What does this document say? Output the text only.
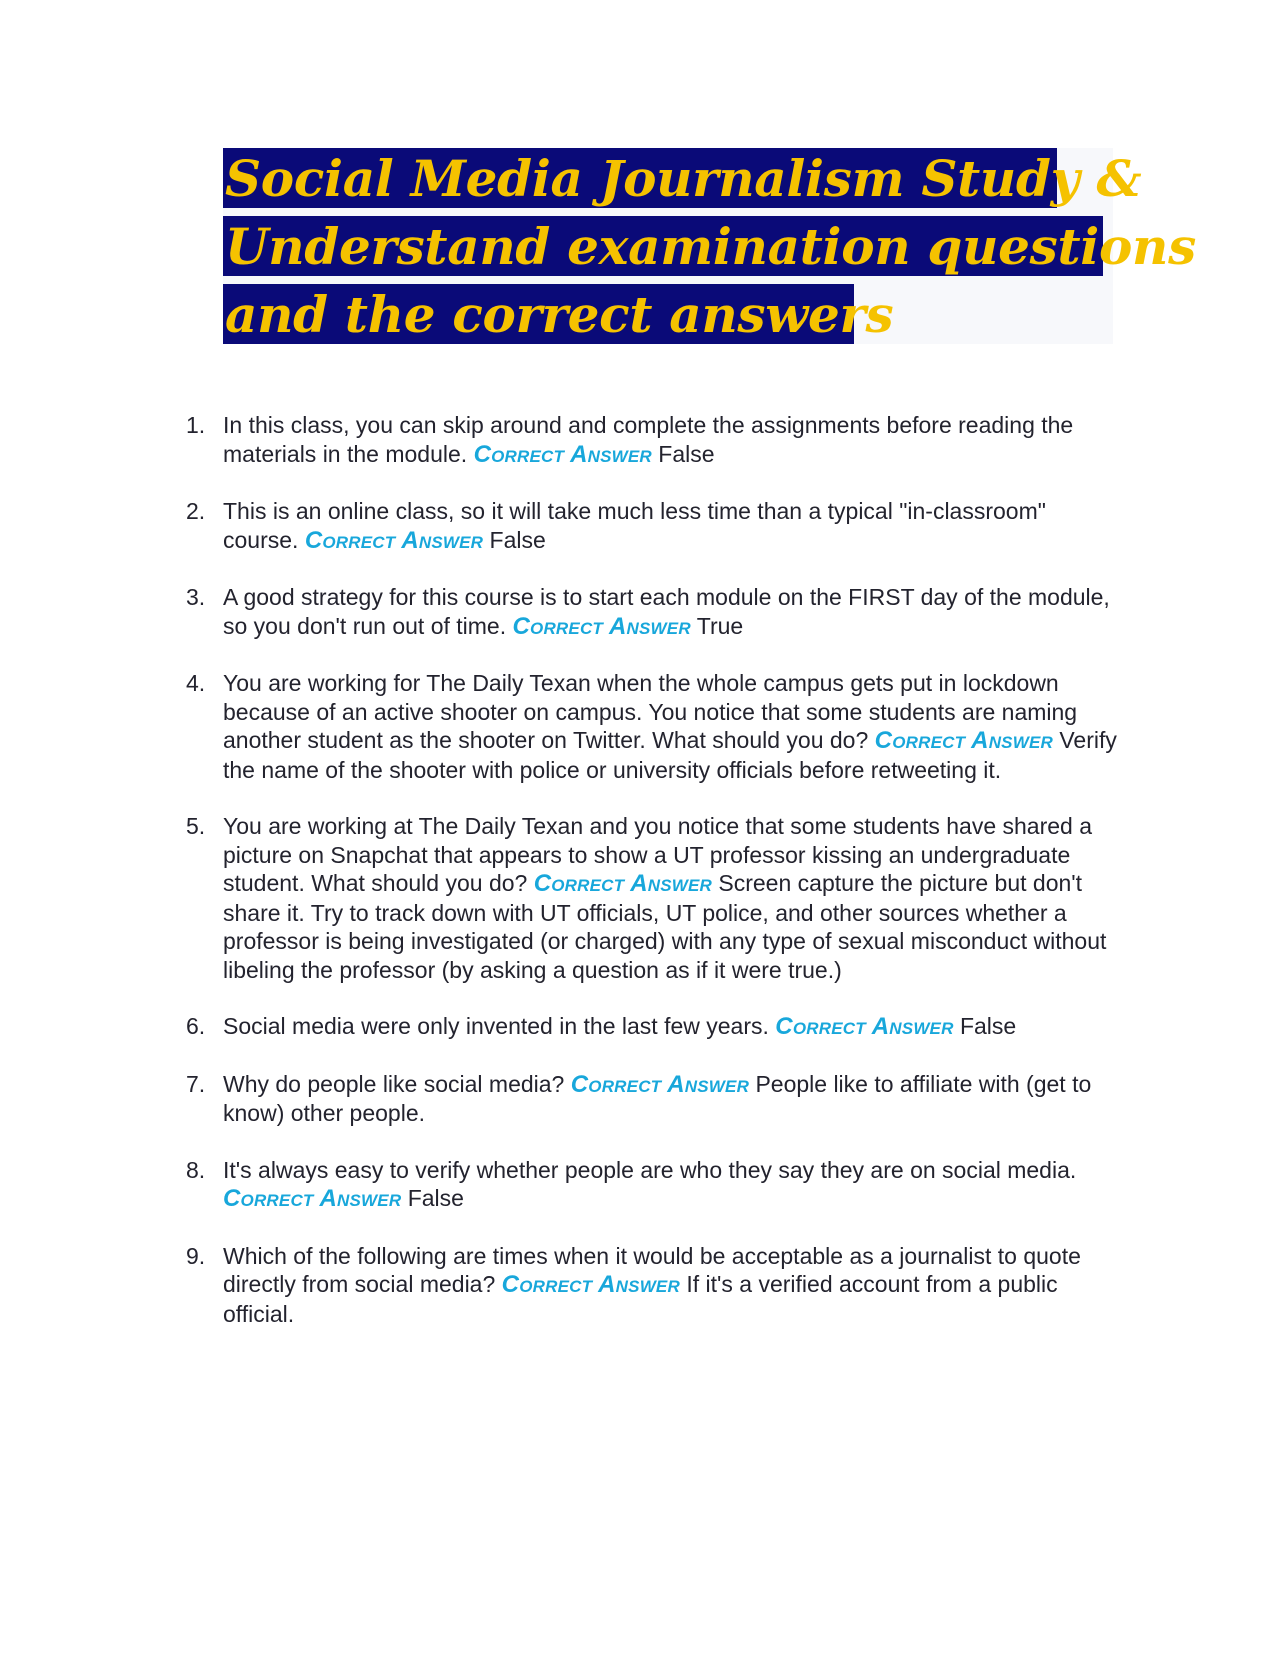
Social Media Journalism Study &
Understand examination questions
and the correct answers
1. In this class, you can skip around and complete the assignments before reading the materials in the module. Correct Answer False
2. This is an online class, so it will take much less time than a typical "in-classroom" course. Correct Answer False
3. A good strategy for this course is to start each module on the FIRST day of the module, so you don't run out of time. Correct Answer True
4. You are working for The Daily Texan when the whole campus gets put in lockdown because of an active shooter on campus. You notice that some students are naming another student as the shooter on Twitter. What should you do? Correct Answer Verify the name of the shooter with police or university officials before retweeting it.
5. You are working at The Daily Texan and you notice that some students have shared a picture on Snapchat that appears to show a UT professor kissing an undergraduate student. What should you do? Correct Answer Screen capture the picture but don't share it. Try to track down with UT officials, UT police, and other sources whether a professor is being investigated (or charged) with any type of sexual misconduct without libeling the professor (by asking a question as if it were true.)
6. Social media were only invented in the last few years. Correct Answer False
7. Why do people like social media? Correct Answer People like to affiliate with (get to know) other people.
8. It's always easy to verify whether people are who they say they are on social media. Correct Answer False
9. Which of the following are times when it would be acceptable as a journalist to quote directly from social media? Correct Answer If it's a verified account from a public official.
